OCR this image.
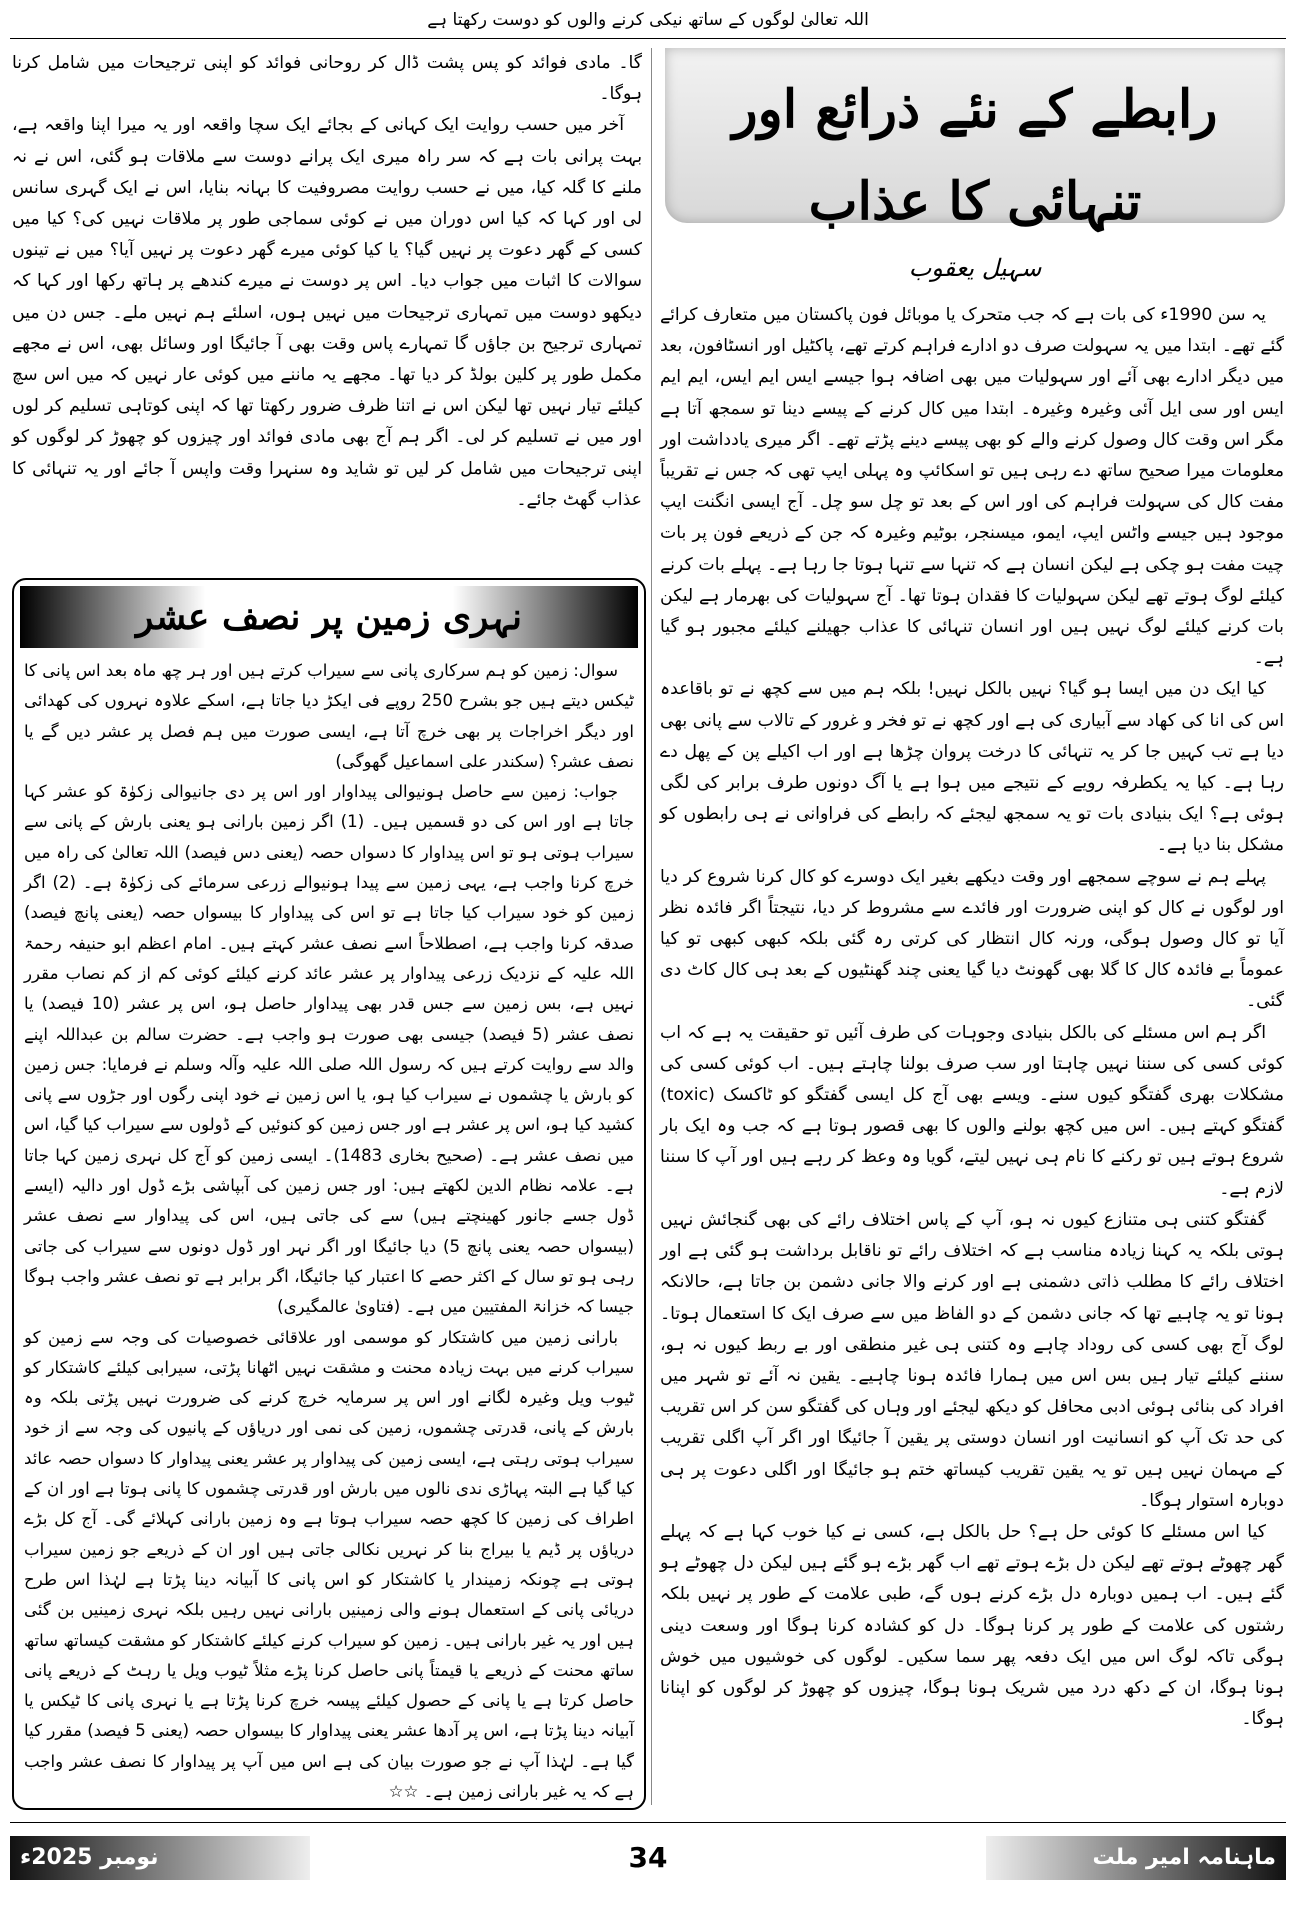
اللہ تعالیٰ لوگوں کے ساتھ نیکی کرنے والوں کو دوست رکھتا ہے
رابطے کے نئے ذرائع اور تنہائی کا عذاب
سہیل یعقوب

یہ سن 1990ء کی بات ہے کہ جب متحرک یا موبائل فون پاکستان میں متعارف کرائے گئے تھے۔ ابتدا میں یہ سہولت صرف دو ادارے فراہم کرتے تھے، پاکٹیل اور انسٹافون، بعد میں دیگر ادارے بھی آئے اور سہولیات میں بھی اضافہ ہوا جیسے ایس ایم ایس، ایم ایم ایس اور سی ایل آئی وغیرہ وغیرہ۔ ابتدا میں کال کرنے کے پیسے دینا تو سمجھ آتا ہے مگر اس وقت کال وصول کرنے والے کو بھی پیسے دینے پڑتے تھے۔ اگر میری یادداشت اور معلومات میرا صحیح ساتھ دے رہی ہیں تو اسکائپ وہ پہلی ایپ تھی کہ جس نے تقریباً مفت کال کی سہولت فراہم کی اور اس کے بعد تو چل سو چل۔ آج ایسی انگنت ایپ موجود ہیں جیسے واٹس ایپ، ایمو، میسنجر، بوٹیم وغیرہ کہ جن کے ذریعے فون پر بات چیت مفت ہو چکی ہے لیکن انسان ہے کہ تنہا سے تنہا ہوتا جا رہا ہے۔ پہلے بات کرنے کیلئے لوگ ہوتے تھے لیکن سہولیات کا فقدان ہوتا تھا۔ آج سہولیات کی بھرمار ہے لیکن بات کرنے کیلئے لوگ نہیں ہیں اور انسان تنہائی کا عذاب جھیلنے کیلئے مجبور ہو گیا ہے۔

کیا ایک دن میں ایسا ہو گیا؟ نہیں بالکل نہیں! بلکہ ہم میں سے کچھ نے تو باقاعدہ اس کی انا کی کھاد سے آبیاری کی ہے اور کچھ نے تو فخر و غرور کے تالاب سے پانی بھی دیا ہے تب کہیں جا کر یہ تنہائی کا درخت پروان چڑھا ہے اور اب اکیلے پن کے پھل دے رہا ہے۔ کیا یہ یکطرفہ رویے کے نتیجے میں ہوا ہے یا آگ دونوں طرف برابر کی لگی ہوئی ہے؟ ایک بنیادی بات تو یہ سمجھ لیجئے کہ رابطے کی فراوانی نے ہی رابطوں کو مشکل بنا دیا ہے۔

پہلے ہم نے سوچے سمجھے اور وقت دیکھے بغیر ایک دوسرے کو کال کرنا شروع کر دیا اور لوگوں نے کال کو اپنی ضرورت اور فائدے سے مشروط کر دیا، نتیجتاً اگر فائدہ نظر آیا تو کال وصول ہوگی، ورنہ کال انتظار کی کرتی رہ گئی بلکہ کبھی کبھی تو کیا عموماً بے فائدہ کال کا گلا بھی گھونٹ دیا گیا یعنی چند گھنٹیوں کے بعد ہی کال کاٹ دی گئی۔

اگر ہم اس مسئلے کی بالکل بنیادی وجوہات کی طرف آئیں تو حقیقت یہ ہے کہ اب کوئی کسی کی سننا نہیں چاہتا اور سب صرف بولنا چاہتے ہیں۔ اب کوئی کسی کی مشکلات بھری گفتگو کیوں سنے۔ ویسے بھی آج کل ایسی گفتگو کو ٹاکسک (toxic) گفتگو کہتے ہیں۔ اس میں کچھ بولنے والوں کا بھی قصور ہوتا ہے کہ جب وہ ایک بار شروع ہوتے ہیں تو رکنے کا نام ہی نہیں لیتے، گویا وہ وعظ کر رہے ہیں اور آپ کا سننا لازم ہے۔

گفتگو کتنی ہی متنازع کیوں نہ ہو، آپ کے پاس اختلاف رائے کی بھی گنجائش نہیں ہوتی بلکہ یہ کہنا زیادہ مناسب ہے کہ اختلاف رائے تو ناقابل برداشت ہو گئی ہے اور اختلاف رائے کا مطلب ذاتی دشمنی ہے اور کرنے والا جانی دشمن بن جاتا ہے، حالانکہ ہونا تو یہ چاہیے تھا کہ جانی دشمن کے دو الفاظ میں سے صرف ایک کا استعمال ہوتا۔ لوگ آج بھی کسی کی روداد چاہے وہ کتنی ہی غیر منطقی اور بے ربط کیوں نہ ہو، سننے کیلئے تیار ہیں بس اس میں ہمارا فائدہ ہونا چاہیے۔ یقین نہ آئے تو شہر میں افراد کی بنائی ہوئی ادبی محافل کو دیکھ لیجئے اور وہاں کی گفتگو سن کر اس تقریب کی حد تک آپ کو انسانیت اور انسان دوستی پر یقین آ جائیگا اور اگر آپ اگلی تقریب کے مہمان نہیں ہیں تو یہ یقین تقریب کیساتھ ختم ہو جائیگا اور اگلی دعوت پر ہی دوبارہ استوار ہوگا۔

کیا اس مسئلے کا کوئی حل ہے؟ حل بالکل ہے، کسی نے کیا خوب کہا ہے کہ پہلے گھر چھوٹے ہوتے تھے لیکن دل بڑے ہوتے تھے اب گھر بڑے ہو گئے ہیں لیکن دل چھوٹے ہو گئے ہیں۔ اب ہمیں دوبارہ دل بڑے کرنے ہوں گے، طبی علامت کے طور پر نہیں بلکہ رشتوں کی علامت کے طور پر کرنا ہوگا۔ دل کو کشادہ کرنا ہوگا اور وسعت دینی ہوگی تاکہ لوگ اس میں ایک دفعہ پھر سما سکیں۔ لوگوں کی خوشیوں میں خوش ہونا ہوگا، ان کے دکھ درد میں شریک ہونا ہوگا، چیزوں کو چھوڑ کر لوگوں کو اپنانا ہوگا۔

گا۔ مادی فوائد کو پس پشت ڈال کر روحانی فوائد کو اپنی ترجیحات میں شامل کرنا ہوگا۔

آخر میں حسب روایت ایک کہانی کے بجائے ایک سچا واقعہ اور یہ میرا اپنا واقعہ ہے، بہت پرانی بات ہے کہ سر راہ میری ایک پرانے دوست سے ملاقات ہو گئی، اس نے نہ ملنے کا گلہ کیا، میں نے حسب روایت مصروفیت کا بہانہ بنایا، اس نے ایک گہری سانس لی اور کہا کہ کیا اس دوران میں نے کوئی سماجی طور پر ملاقات نہیں کی؟ کیا میں کسی کے گھر دعوت پر نہیں گیا؟ یا کیا کوئی میرے گھر دعوت پر نہیں آیا؟ میں نے تینوں سوالات کا اثبات میں جواب دیا۔ اس پر دوست نے میرے کندھے پر ہاتھ رکھا اور کہا کہ دیکھو دوست میں تمہاری ترجیحات میں نہیں ہوں، اسلئے ہم نہیں ملے۔ جس دن میں تمہاری ترجیح بن جاؤں گا تمہارے پاس وقت بھی آ جائیگا اور وسائل بھی، اس نے مجھے مکمل طور پر کلین بولڈ کر دیا تھا۔ مجھے یہ ماننے میں کوئی عار نہیں کہ میں اس سچ کیلئے تیار نہیں تھا لیکن اس نے اتنا ظرف ضرور رکھتا تھا کہ اپنی کوتاہی تسلیم کر لوں اور میں نے تسلیم کر لی۔ اگر ہم آج بھی مادی فوائد اور چیزوں کو چھوڑ کر لوگوں کو اپنی ترجیحات میں شامل کر لیں تو شاید وہ سنہرا وقت واپس آ جائے اور یہ تنہائی کا عذاب گھٹ جائے۔

نہری زمین پر نصف عشر

سوال: زمین کو ہم سرکاری پانی سے سیراب کرتے ہیں اور ہر چھ ماہ بعد اس پانی کا ٹیکس دیتے ہیں جو بشرح 250 روپے فی ایکڑ دیا جاتا ہے، اسکے علاوہ نہروں کی کھدائی اور دیگر اخراجات پر بھی خرچ آتا ہے، ایسی صورت میں ہم فصل پر عشر دیں گے یا نصف عشر؟ (سکندر علی اسماعیل گھوگی)

جواب: زمین سے حاصل ہونیوالی پیداوار اور اس پر دی جانیوالی زکوٰۃ کو عشر کہا جاتا ہے اور اس کی دو قسمیں ہیں۔ (1) اگر زمین بارانی ہو یعنی بارش کے پانی سے سیراب ہوتی ہو تو اس پیداوار کا دسواں حصہ (یعنی دس فیصد) اللہ تعالیٰ کی راہ میں خرچ کرنا واجب ہے، یہی زمین سے پیدا ہونیوالے زرعی سرمائے کی زکوٰۃ ہے۔ (2) اگر زمین کو خود سیراب کیا جاتا ہے تو اس کی پیداوار کا بیسواں حصہ (یعنی پانچ فیصد) صدقہ کرنا واجب ہے، اصطلاحاً اسے نصف عشر کہتے ہیں۔ امام اعظم ابو حنیفہ رحمۃ اللہ علیہ کے نزدیک زرعی پیداوار پر عشر عائد کرنے کیلئے کوئی کم از کم نصاب مقرر نہیں ہے، بس زمین سے جس قدر بھی پیداوار حاصل ہو، اس پر عشر (10 فیصد) یا نصف عشر (5 فیصد) جیسی بھی صورت ہو واجب ہے۔ حضرت سالم بن عبداللہ اپنے والد سے روایت کرتے ہیں کہ رسول اللہ صلی اللہ علیہ وآلہ وسلم نے فرمایا: جس زمین کو بارش یا چشموں نے سیراب کیا ہو، یا اس زمین نے خود اپنی رگوں اور جڑوں سے پانی کشید کیا ہو، اس پر عشر ہے اور جس زمین کو کنوئیں کے ڈولوں سے سیراب کیا گیا، اس میں نصف عشر ہے۔ (صحیح بخاری 1483)۔ ایسی زمین کو آج کل نہری زمین کہا جاتا ہے۔ علامہ نظام الدین لکھتے ہیں: اور جس زمین کی آبپاشی بڑے ڈول اور دالیہ (ایسے ڈول جسے جانور کھینچتے ہیں) سے کی جاتی ہیں، اس کی پیداوار سے نصف عشر (بیسواں حصہ یعنی پانچ 5) دیا جائیگا اور اگر نہر اور ڈول دونوں سے سیراب کی جاتی رہی ہو تو سال کے اکثر حصے کا اعتبار کیا جائیگا، اگر برابر ہے تو نصف عشر واجب ہوگا جیسا کہ خزانۃ المفتیین میں ہے۔ (فتاویٰ عالمگیری)

بارانی زمین میں کاشتکار کو موسمی اور علاقائی خصوصیات کی وجہ سے زمین کو سیراب کرنے میں بہت زیادہ محنت و مشقت نہیں اٹھانا پڑتی، سیرابی کیلئے کاشتکار کو ٹیوب ویل وغیرہ لگانے اور اس پر سرمایہ خرچ کرنے کی ضرورت نہیں پڑتی بلکہ وہ بارش کے پانی، قدرتی چشموں، زمین کی نمی اور دریاؤں کے پانیوں کی وجہ سے از خود سیراب ہوتی رہتی ہے، ایسی زمین کی پیداوار پر عشر یعنی پیداوار کا دسواں حصہ عائد کیا گیا ہے البتہ پہاڑی ندی نالوں میں بارش اور قدرتی چشموں کا پانی ہوتا ہے اور ان کے اطراف کی زمین کا کچھ حصہ سیراب ہوتا ہے وہ زمین بارانی کہلائے گی۔ آج کل بڑے دریاؤں پر ڈیم یا بیراج بنا کر نہریں نکالی جاتی ہیں اور ان کے ذریعے جو زمین سیراب ہوتی ہے چونکہ زمیندار یا کاشتکار کو اس پانی کا آبیانہ دینا پڑتا ہے لہٰذا اس طرح دریائی پانی کے استعمال ہونے والی زمینیں بارانی نہیں رہیں بلکہ نہری زمینیں بن گئی ہیں اور یہ غیر بارانی ہیں۔ زمین کو سیراب کرنے کیلئے کاشتکار کو مشقت کیساتھ ساتھ ساتھ محنت کے ذریعے یا قیمتاً پانی حاصل کرنا پڑے مثلاً ٹیوب ویل یا رہٹ کے ذریعے پانی حاصل کرتا ہے یا پانی کے حصول کیلئے پیسہ خرچ کرنا پڑتا ہے یا نہری پانی کا ٹیکس یا آبیانہ دینا پڑتا ہے، اس پر آدھا عشر یعنی پیداوار کا بیسواں حصہ (یعنی 5 فیصد) مقرر کیا گیا ہے۔ لہٰذا آپ نے جو صورت بیان کی ہے اس میں آپ پر پیداوار کا نصف عشر واجب ہے کہ یہ غیر بارانی زمین ہے۔ ☆☆

نومبر 2025ء	34	ماہنامہ امیر ملت
